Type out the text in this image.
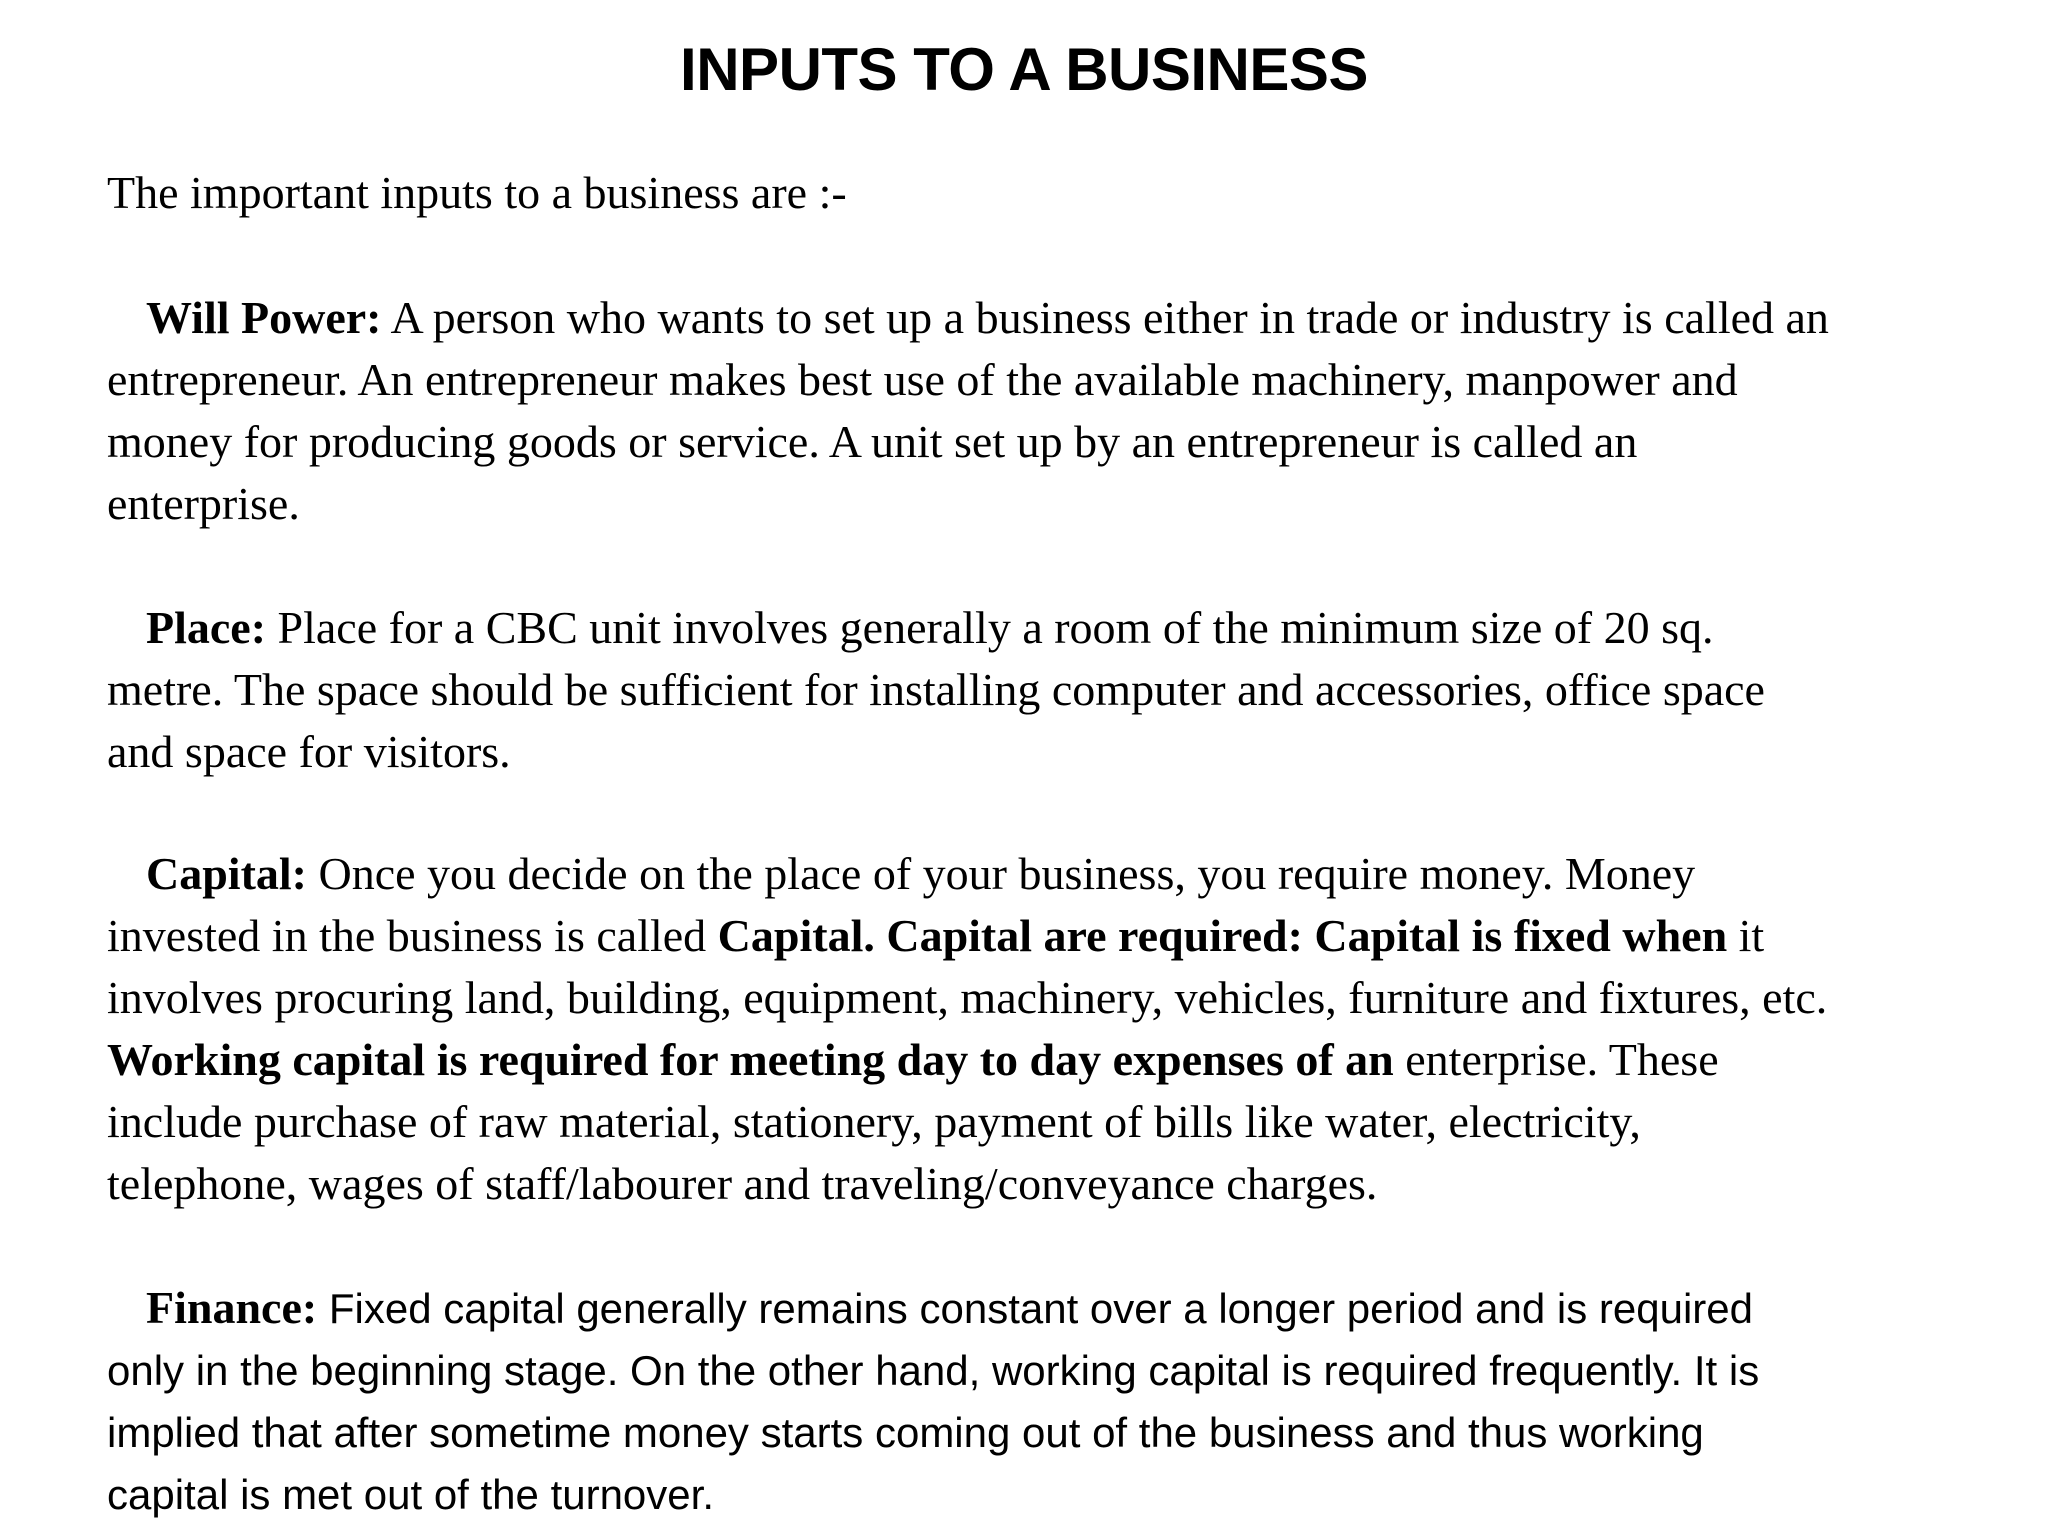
INPUTS TO A BUSINESS
The important inputs to a business are :-
Will Power: A person who wants to set up a business either in trade or industry is called an
entrepreneur. An entrepreneur makes best use of the available machinery, manpower and
money for producing goods or service. A unit set up by an entrepreneur is called an
enterprise.
Place: Place for a CBC unit involves generally a room of the minimum size of 20 sq.
metre. The space should be sufficient for installing computer and accessories, office space
and space for visitors.
Capital: Once you decide on the place of your business, you require money. Money
invested in the business is called Capital. Capital are required: Capital is fixed when it
involves procuring land, building, equipment, machinery, vehicles, furniture and fixtures, etc.
Working capital is required for meeting day to day expenses of an enterprise. These
include purchase of raw material, stationery, payment of bills like water, electricity,
telephone, wages of staff/labourer and traveling/conveyance charges.
Finance: Fixed capital generally remains constant over a longer period and is required
only in the beginning stage. On the other hand, working capital is required frequently. It is
implied that after sometime money starts coming out of the business and thus working
capital is met out of the turnover.
